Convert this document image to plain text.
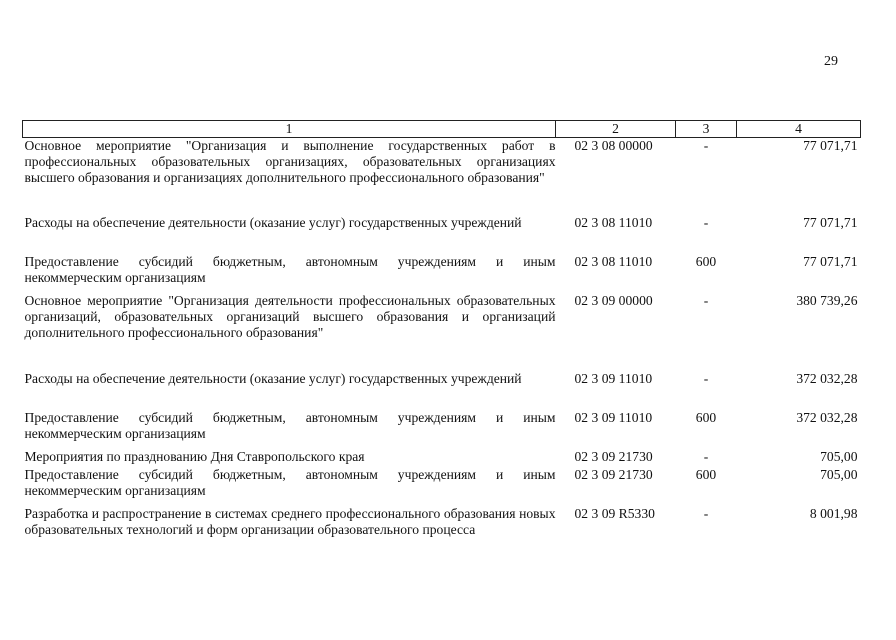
29
1	2	3	4
Основное мероприятие "Организация и выполнение государственных работ в профессиональных образовательных организациях, образовательных организациях высшего образования и организациях дополнительного профессионального образования"	02 3 08 00000	-	77 071,71
Расходы на обеспечение деятельности (оказание услуг) государственных учреждений	02 3 08 11010	-	77 071,71
Предоставление субсидий бюджетным, автономным учреждениям и иным некоммерческим организациям	02 3 08 11010	600	77 071,71
Основное мероприятие "Организация деятельности профессиональных образовательных организаций, образовательных организаций высшего образования и организаций дополнительного профессионального образования"	02 3 09 00000	-	380 739,26
Расходы на обеспечение деятельности (оказание услуг) государственных учреждений	02 3 09 11010	-	372 032,28
Предоставление субсидий бюджетным, автономным учреждениям и иным некоммерческим организациям	02 3 09 11010	600	372 032,28
Мероприятия по празднованию Дня Ставропольского края	02 3 09 21730	-	705,00
Предоставление субсидий бюджетным, автономным учреждениям и иным некоммерческим организациям	02 3 09 21730	600	705,00
Разработка и распространение в системах среднего профессионального образования новых образовательных технологий и форм организации образовательного процесса	02 3 09 R5330	-	8 001,98
